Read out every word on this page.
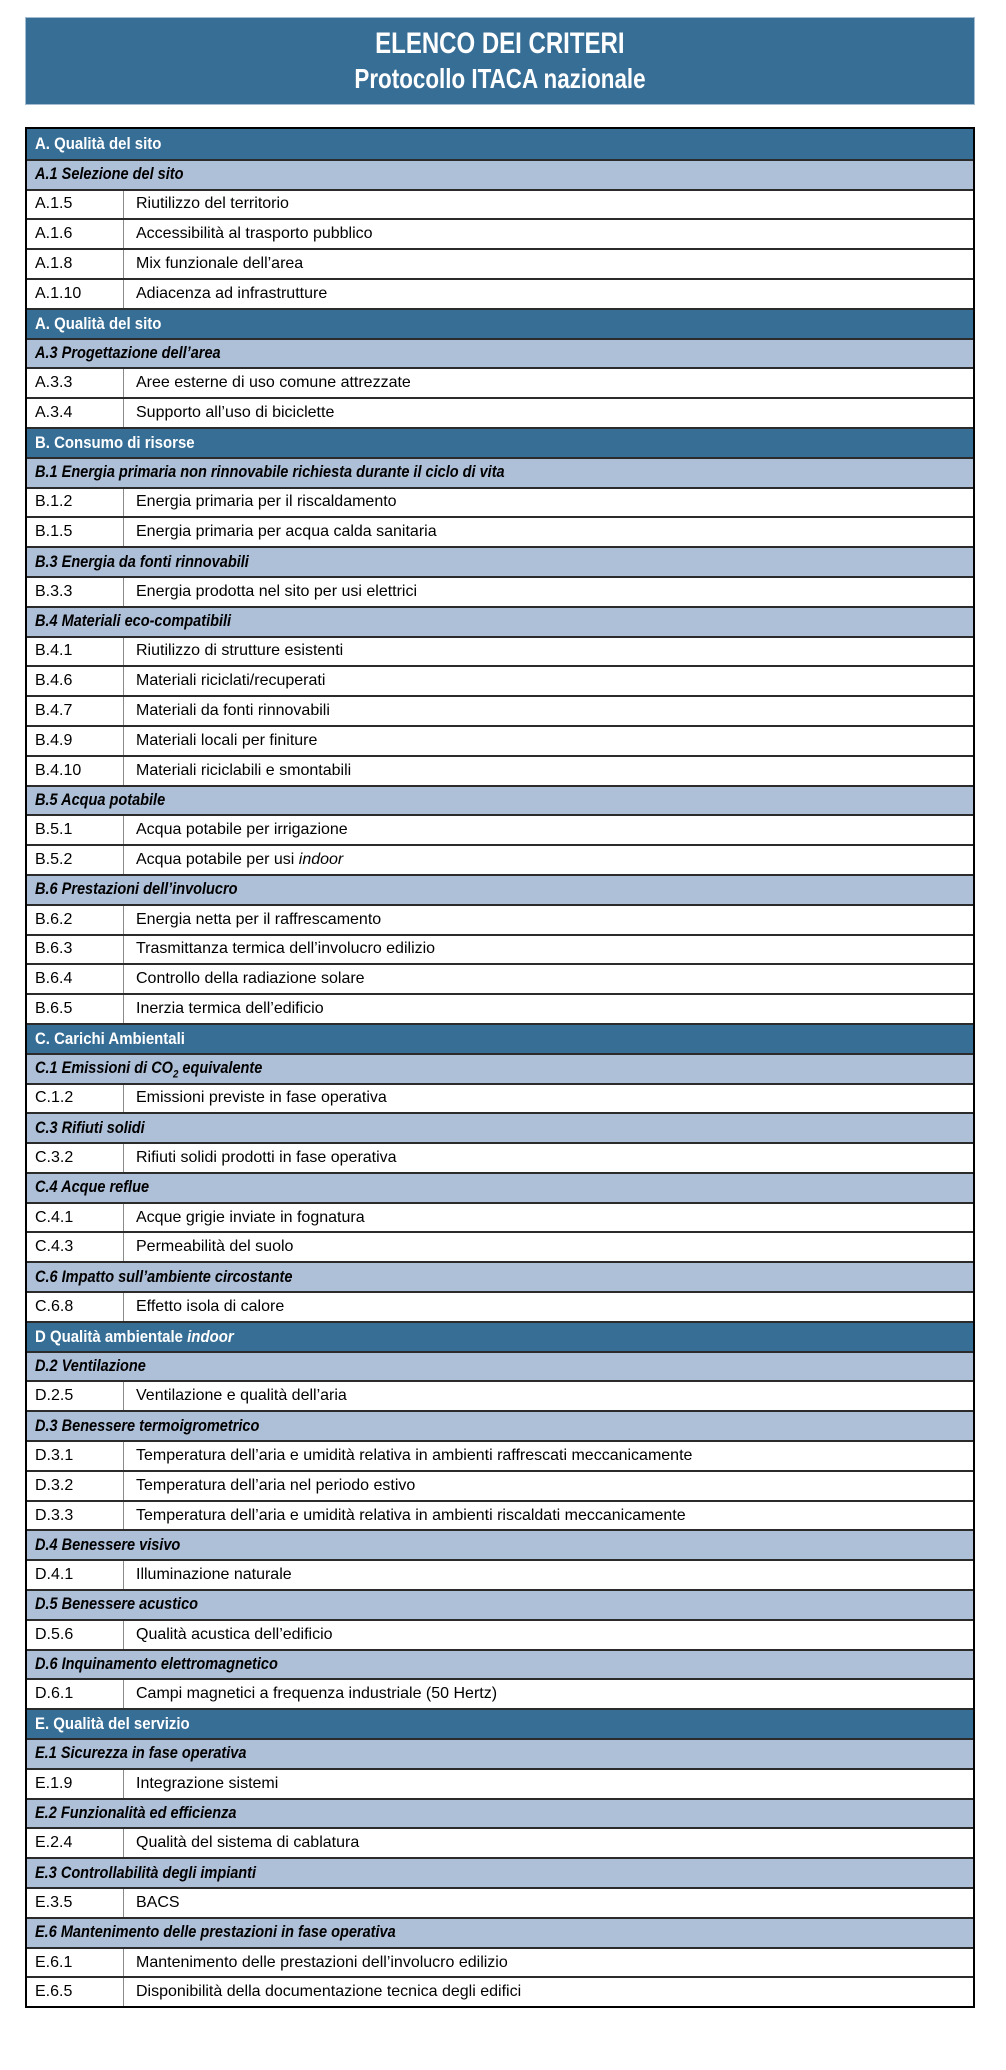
ELENCO DEI CRITERI
Protocollo ITACA nazionale
A. Qualità del sito
A.1 Selezione del sito
A.1.5	Riutilizzo del territorio
A.1.6	Accessibilità al trasporto pubblico
A.1.8	Mix funzionale dell’area
A.1.10	Adiacenza ad infrastrutture
A. Qualità del sito
A.3 Progettazione dell’area
A.3.3	Aree esterne di uso comune attrezzate
A.3.4	Supporto all’uso di biciclette
B. Consumo di risorse
B.1 Energia primaria non rinnovabile richiesta durante il ciclo di vita
B.1.2	Energia primaria per il riscaldamento
B.1.5	Energia primaria per acqua calda sanitaria
B.3 Energia da fonti rinnovabili
B.3.3	Energia prodotta nel sito per usi elettrici
B.4 Materiali eco-compatibili
B.4.1	Riutilizzo di strutture esistenti
B.4.6	Materiali riciclati/recuperati
B.4.7	Materiali da fonti rinnovabili
B.4.9	Materiali locali per finiture
B.4.10	Materiali riciclabili e smontabili
B.5 Acqua potabile
B.5.1	Acqua potabile per irrigazione
B.5.2	Acqua potabile per usi indoor
B.6 Prestazioni dell’involucro
B.6.2	Energia netta per il raffrescamento
B.6.3	Trasmittanza termica dell’involucro edilizio
B.6.4	Controllo della radiazione solare
B.6.5	Inerzia termica dell’edificio
C. Carichi Ambientali
C.1 Emissioni di $CO_2$ equivalente
C.1.2	Emissioni previste in fase operativa
C.3 Rifiuti solidi
C.3.2	Rifiuti solidi prodotti in fase operativa
C.4 Acque reflue
C.4.1	Acque grigie inviate in fognatura
C.4.3	Permeabilità del suolo
C.6 Impatto sull’ambiente circostante
C.6.8	Effetto isola di calore
D Qualità ambientale indoor
D.2 Ventilazione
D.2.5	Ventilazione e qualità dell’aria
D.3 Benessere termoigrometrico
D.3.1	Temperatura dell’aria e umidità relativa in ambienti raffrescati meccanicamente
D.3.2	Temperatura dell’aria nel periodo estivo
D.3.3	Temperatura dell’aria e umidità relativa in ambienti riscaldati meccanicamente
D.4 Benessere visivo
D.4.1	Illuminazione naturale
D.5 Benessere acustico
D.5.6	Qualità acustica dell’edificio
D.6 Inquinamento elettromagnetico
D.6.1	Campi magnetici a frequenza industriale (50 Hertz)
E. Qualità del servizio
E.1 Sicurezza in fase operativa
E.1.9	Integrazione sistemi
E.2 Funzionalità ed efficienza
E.2.4	Qualità del sistema di cablatura
E.3 Controllabilità degli impianti
E.3.5	BACS
E.6 Mantenimento delle prestazioni in fase operativa
E.6.1	Mantenimento delle prestazioni dell’involucro edilizio
E.6.5	Disponibilità della documentazione tecnica degli edifici
